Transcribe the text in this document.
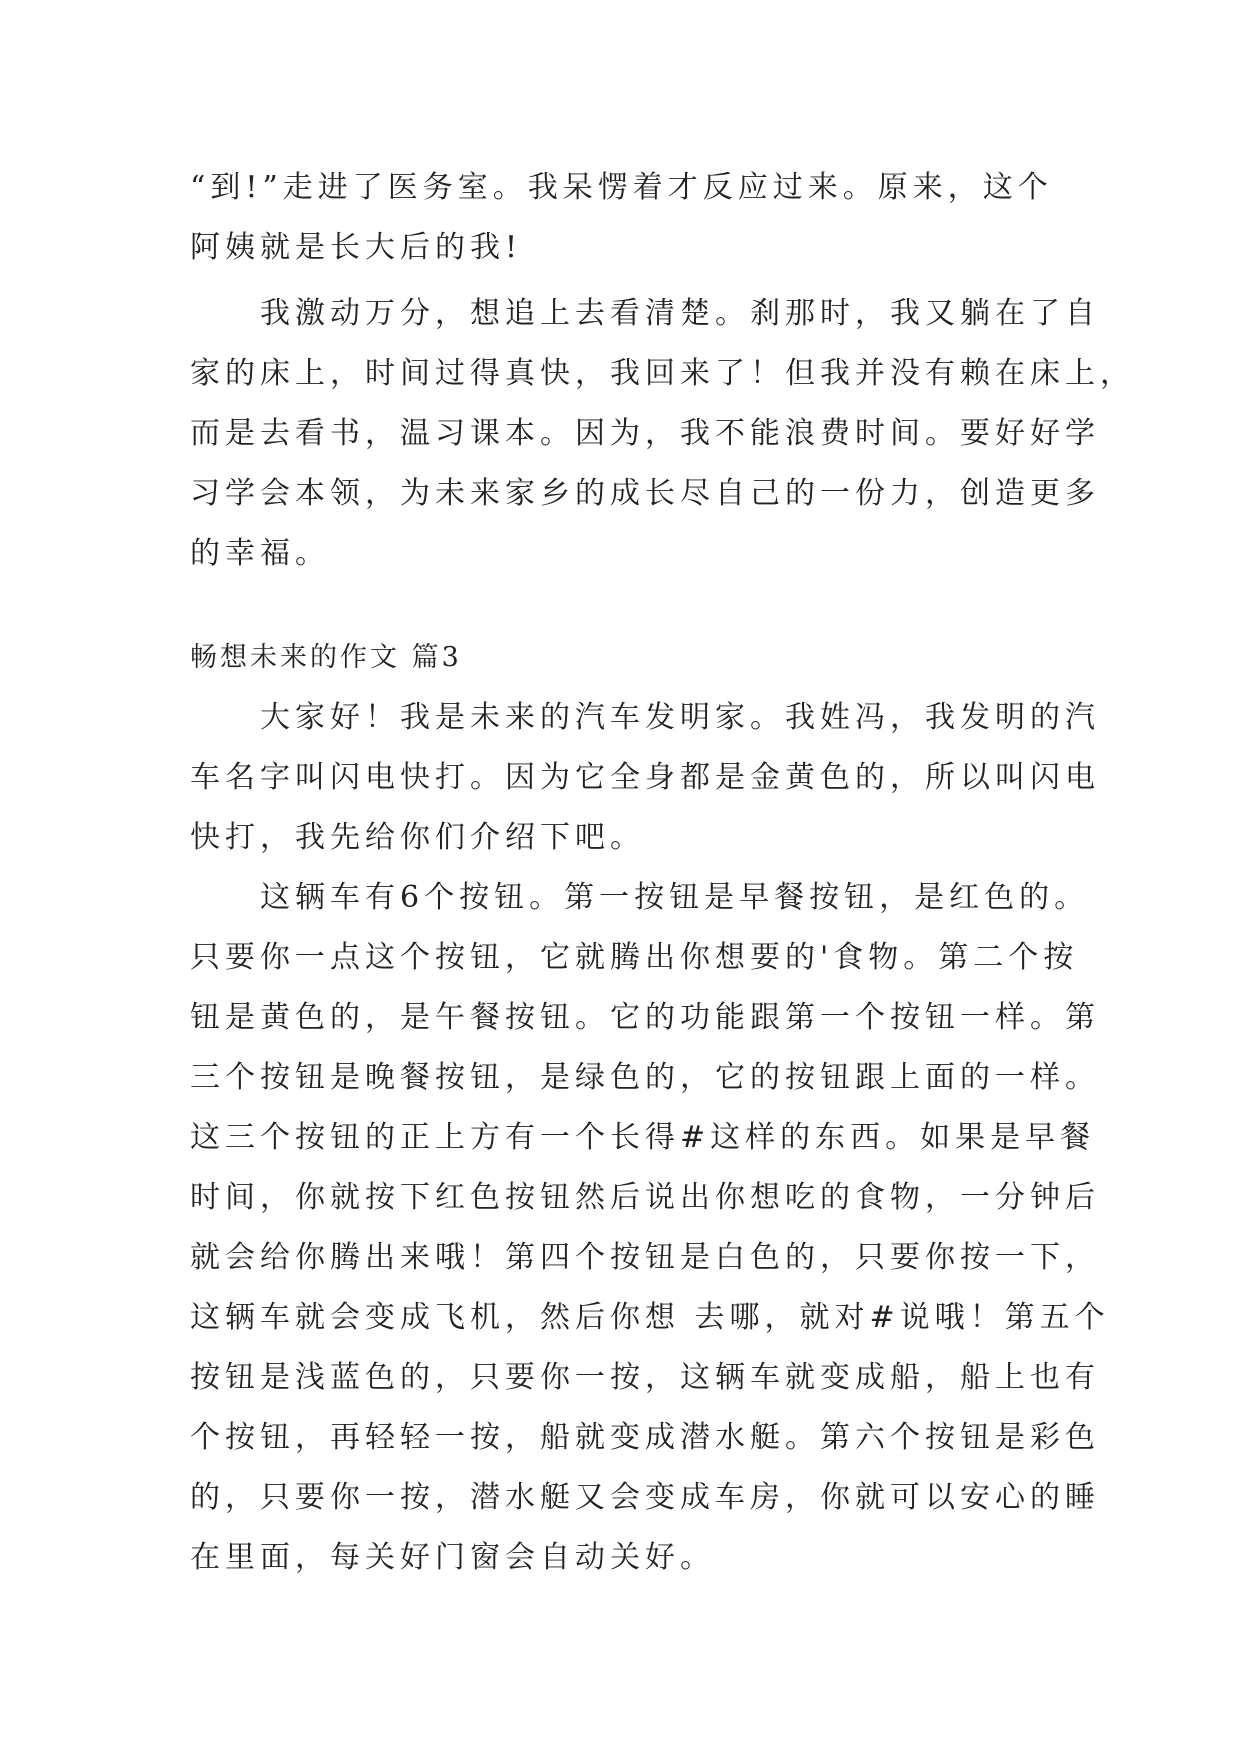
“到!”走进了医务室。我呆愣着才反应过来。原来，这个
阿姨就是长大后的我!
　　我激动万分，想追上去看清楚。刹那时，我又躺在了自
家的床上，时间过得真快，我回来了！但我并没有赖在床上，
而是去看书，温习课本。因为，我不能浪费时间。要好好学
习学会本领，为未来家乡的成长尽自己的一份力，创造更多
的幸福。
畅想未来的作文 篇3
　　大家好！我是未来的汽车发明家。我姓冯，我发明的汽
车名字叫闪电快打。因为它全身都是金黄色的，所以叫闪电
快打，我先给你们介绍下吧。
　　这辆车有6个按钮。第一按钮是早餐按钮，是红色的。
只要你一点这个按钮，它就腾出你想要的'食物。第二个按
钮是黄色的，是午餐按钮。它的功能跟第一个按钮一样。第
三个按钮是晚餐按钮，是绿色的，它的按钮跟上面的一样。
这三个按钮的正上方有一个长得#这样的东西。如果是早餐
时间，你就按下红色按钮然后说出你想吃的食物，一分钟后
就会给你腾出来哦！第四个按钮是白色的，只要你按一下，
这辆车就会变成飞机，然后你想 去哪，就对#说哦！第五个
按钮是浅蓝色的，只要你一按，这辆车就变成船，船上也有
个按钮，再轻轻一按，船就变成潜水艇。第六个按钮是彩色
的，只要你一按，潜水艇又会变成车房，你就可以安心的睡
在里面，每关好门窗会自动关好。
